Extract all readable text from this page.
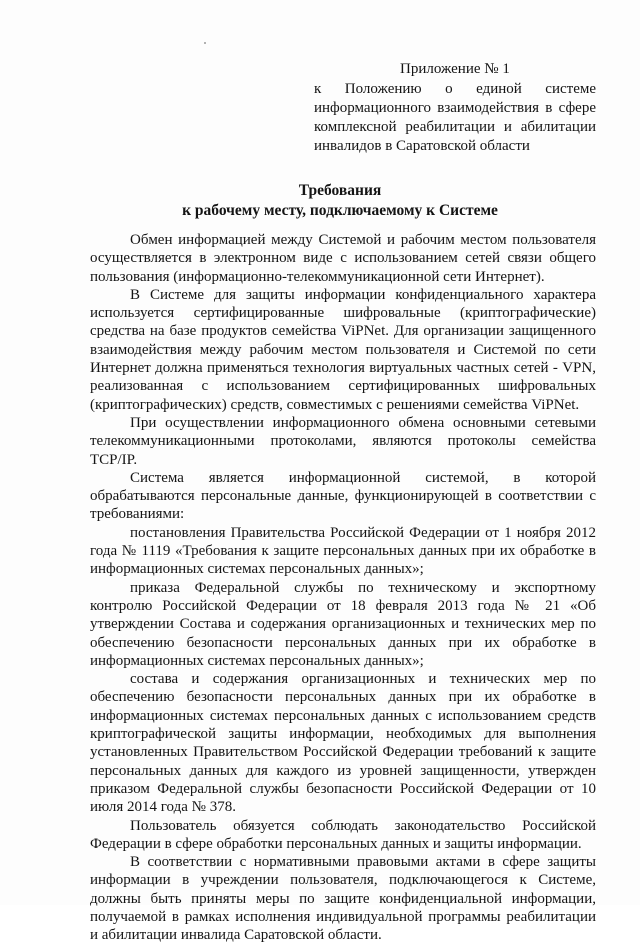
Приложение № 1
к Положению о единой системе информационного взаимодействия в сфере комплексной реабилитации и абилитации инвалидов в Саратовской области
Требования
к рабочему месту, подключаемому к Системе

Обмен информацией между Системой и рабочим местом пользователя осуществляется в электронном виде с использованием сетей связи общего пользования (информационно-телекоммуникационной сети Интернет).

В Системе для защиты информации конфиденциального характера используется сертифицированные шифровальные (криптографические) средства на базе продуктов семейства ViPNet. Для организации защищенного взаимодействия между рабочим местом пользователя и Системой по сети Интернет должна применяться технология виртуальных частных сетей - VPN, реализованная с использованием сертифицированных шифровальных (криптографических) средств, совместимых с решениями семейства ViPNet.

При осуществлении информационного обмена основными сетевыми телекоммуникационными протоколами, являются протоколы семейства TCP/IP.

Система является информационной системой, в которой обрабатываются персональные данные, функционирующей в соответствии с требованиями:

постановления Правительства Российской Федерации от 1 ноября 2012 года № 1119 «Требования к защите персональных данных при их обработке в информационных системах персональных данных»;

приказа Федеральной службы по техническому и экспортному контролю Российской Федерации от 18 февраля 2013 года № 21 «Об утверждении Состава и содержания организационных и технических мер по обеспечению безопасности персональных данных при их обработке в информационных системах персональных данных»;

состава и содержания организационных и технических мер по обеспечению безопасности персональных данных при их обработке в информационных системах персональных данных с использованием средств криптографической защиты информации, необходимых для выполнения установленных Правительством Российской Федерации требований к защите персональных данных для каждого из уровней защищенности, утвержден приказом Федеральной службы безопасности Российской Федерации от 10 июля 2014 года № 378.

Пользователь обязуется соблюдать законодательство Российской Федерации в сфере обработки персональных данных и защиты информации.

В соответствии с нормативными правовыми актами в сфере защиты информации в учреждении пользователя, подключающегося к Системе, должны быть приняты меры по защите конфиденциальной информации, получаемой в рамках исполнения индивидуальной программы реабилитации и абилитации инвалида Саратовской области.
